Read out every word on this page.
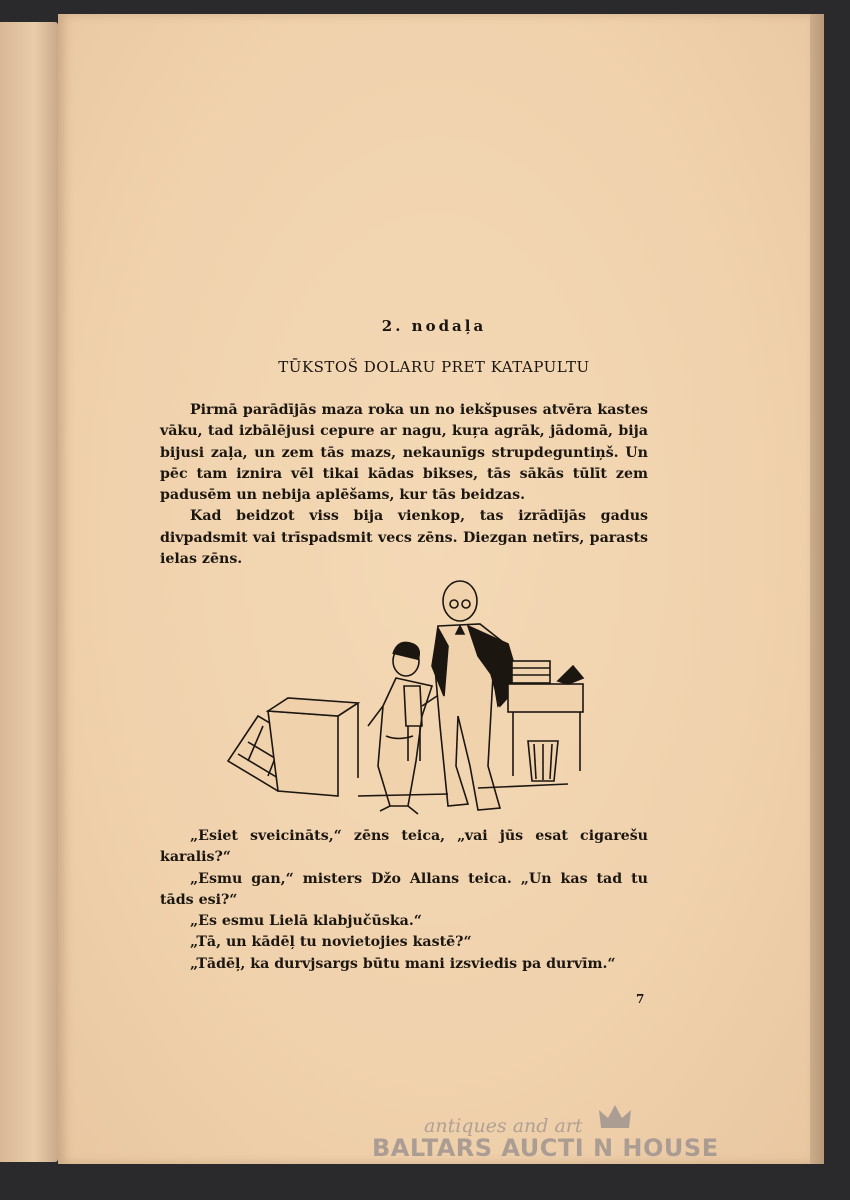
2. nodaļa
TŪKSTOŠ DOLARU PRET KATAPULTU

Pirmā parādījās maza roka un no iekšpuses atvēra kastes vāku, tad izbālējusi cepure ar nagu, kuŗa agrāk, jādomā, bija bijusi zaļa, un zem tās mazs, nekaunīgs strupdeguntiņš. Un pēc tam iznira vēl tikai kādas bikses, tās sākās tūlīt zem padusēm un nebija aplēšams, kur tās beidzas.

Kad beidzot viss bija vienkop, tas izrādījās gadus divpadsmit vai trīspadsmit vecs zēns. Diezgan netīrs, parasts ielas zēns.

„Esiet sveicināts,“ zēns teica, „vai jūs esat cigarešu karalis?“

„Esmu gan,“ misters Džo Allans teica. „Un kas tad tu tāds esi?“

„Es esmu Lielā klabjučūska.“

„Tā, un kādēļ tu novietojies kastē?“

„Tādēļ, ka durvjsargs būtu mani izsviedis pa durvīm.“

7
antiques and art
BALTARS AUCTI N HOUSE
